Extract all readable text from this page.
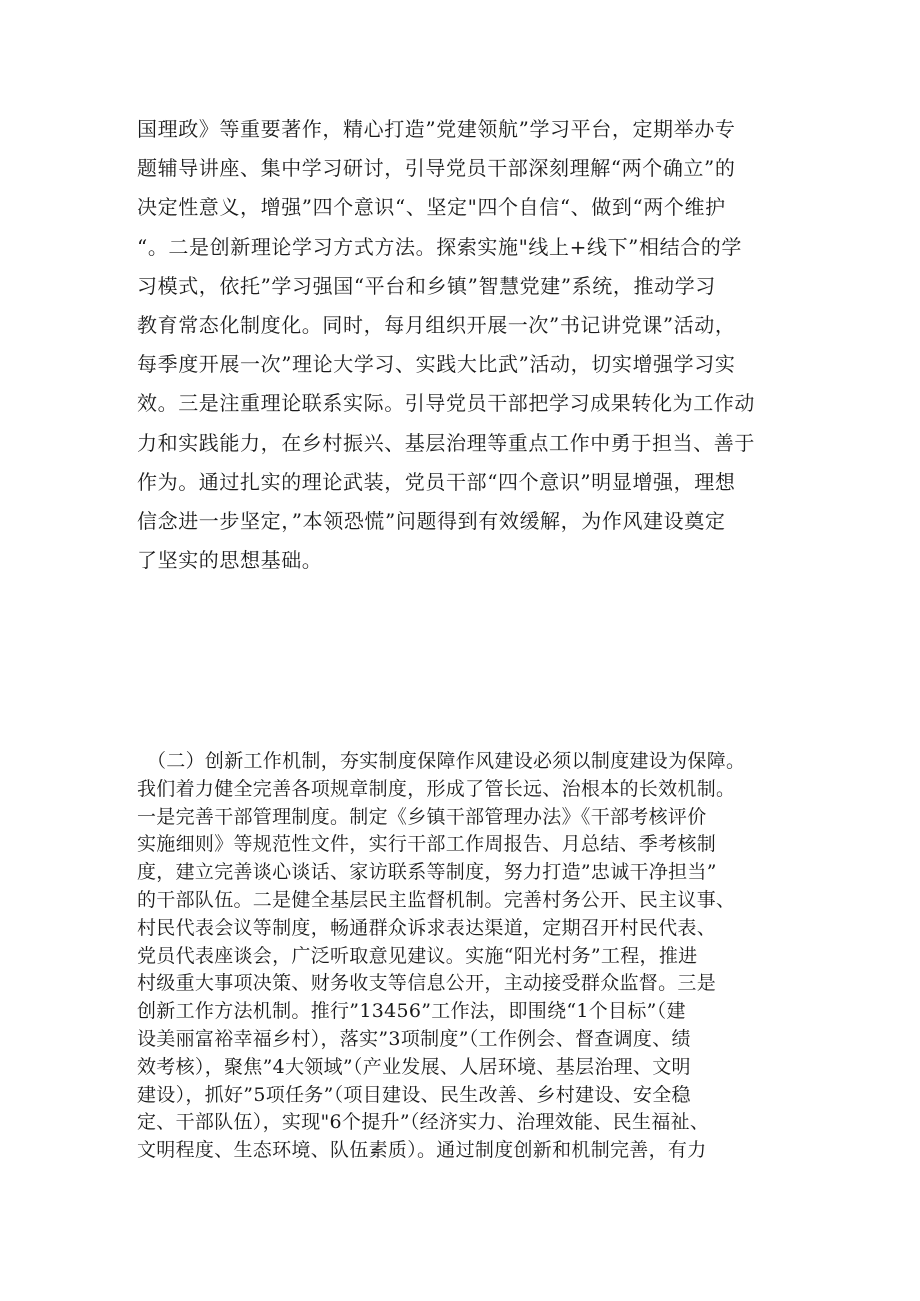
国理政》等重要著作，精心打造”党建领航”学习平台，定期举办专
题辅导讲座、集中学习研讨，引导党员干部深刻理解“两个确立”的
决定性意义，增强”四个意识“、坚定"四个自信“、做到“两个维护
“。二是创新理论学习方式方法。探索实施"线上+线下”相结合的学
习模式，依托”学习强国“平台和乡镇”智慧党建”系统，推动学习
教育常态化制度化。同时，每月组织开展一次”书记讲党课”活动，
每季度开展一次”理论大学习、实践大比武”活动，切实增强学习实
效。三是注重理论联系实际。引导党员干部把学习成果转化为工作动
力和实践能力，在乡村振兴、基层治理等重点工作中勇于担当、善于
作为。通过扎实的理论武装，党员干部“四个意识”明显增强，理想
信念进一步坚定，”本领恐慌”问题得到有效缓解，为作风建设奠定
了坚实的思想基础。
（二）创新工作机制，夯实制度保障作风建设必须以制度建设为保障。
我们着力健全完善各项规章制度，形成了管长远、治根本的长效机制。
一是完善干部管理制度。制定《乡镇干部管理办法》《干部考核评价
实施细则》等规范性文件，实行干部工作周报告、月总结、季考核制
度，建立完善谈心谈话、家访联系等制度，努力打造”忠诚干净担当”
的干部队伍。二是健全基层民主监督机制。完善村务公开、民主议事、
村民代表会议等制度，畅通群众诉求表达渠道，定期召开村民代表、
党员代表座谈会，广泛听取意见建议。实施“阳光村务”工程，推进
村级重大事项决策、财务收支等信息公开，主动接受群众监督。三是
创新工作方法机制。推行”13456”工作法，即围绕“1个目标”（建
设美丽富裕幸福乡村），落实”3项制度”（工作例会、督查调度、绩
效考核），聚焦”4大领域”（产业发展、人居环境、基层治理、文明
建设），抓好”5项任务”（项目建设、民生改善、乡村建设、安全稳
定、干部队伍），实现"6个提升”（经济实力、治理效能、民生福祉、
文明程度、生态环境、队伍素质）。通过制度创新和机制完善，有力
